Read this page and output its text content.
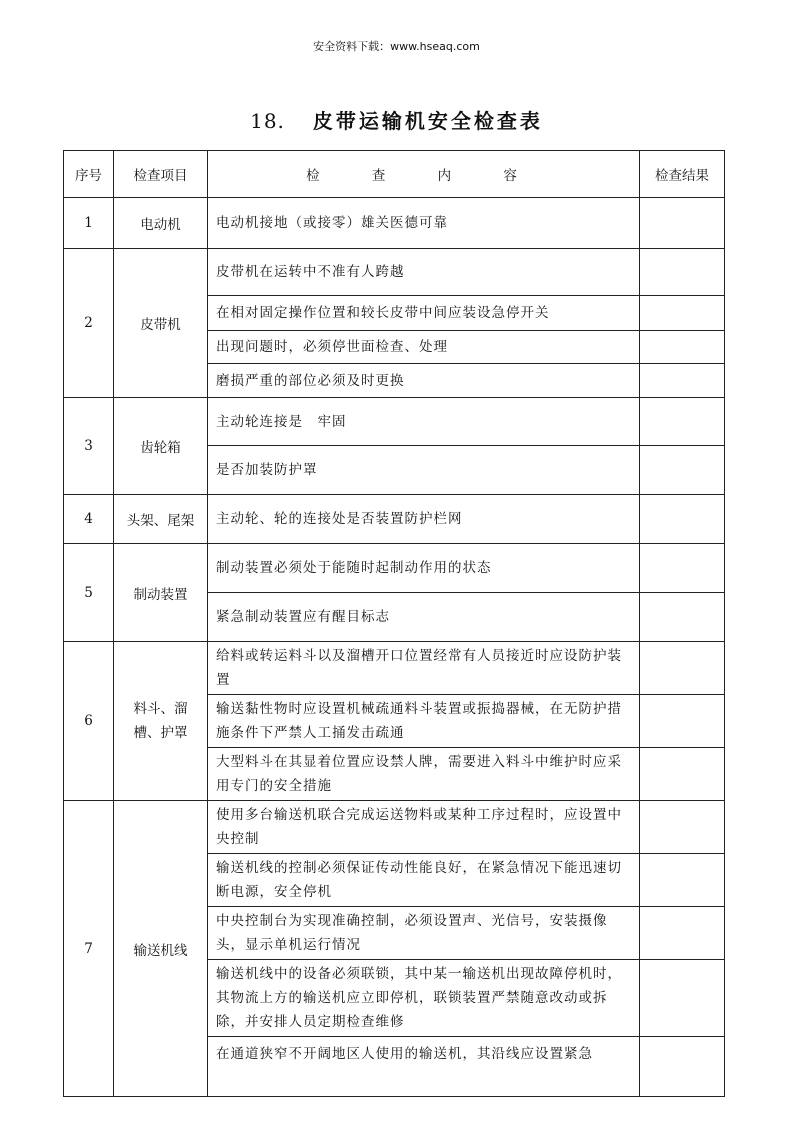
安全资料下载：www.hseaq.com
18. 皮带运输机安全检查表
序号	检查项目	检 查 内 容	检查结果
1	电动机	电动机接地（或接零）雄关医德可靠	
2	皮带机	皮带机在运转中不准有人跨越	
		在相对固定操作位置和较长皮带中间应装设急停开关	
		出现问题时，必须停世面检查、处理	
		磨损严重的部位必须及时更换	
3	齿轮箱	主动轮连接是　牢固	
		是否加装防护罩	
4	头架、尾架	主动轮、轮的连接处是否装置防护栏网	
5	制动装置	制动装置必须处于能随时起制动作用的状态	
		紧急制动装置应有醒目标志	
6	料斗、溜槽、护罩	给料或转运料斗以及溜槽开口位置经常有人员接近时应设防护装置	
		输送黏性物时应设置机械疏通料斗装置或振捣器械，在无防护措施条件下严禁人工捅发击疏通	
		大型料斗在其显着位置应设禁人牌，需要进入料斗中维护时应采用专门的安全措施	
7	输送机线	使用多台输送机联合完成运送物料或某种工序过程时，应设置中央控制	
		输送机线的控制必须保证传动性能良好，在紧急情况下能迅速切断电源，安全停机	
		中央控制台为实现准确控制，必须设置声、光信号，安装摄像头，显示单机运行情况	
		输送机线中的设备必须联锁，其中某一输送机出现故障停机时，其物流上方的输送机应立即停机，联锁装置严禁随意改动或拆除，并安排人员定期检查维修	
		在通道狭窄不开阔地区人使用的输送机，其沿线应设置紧急	
